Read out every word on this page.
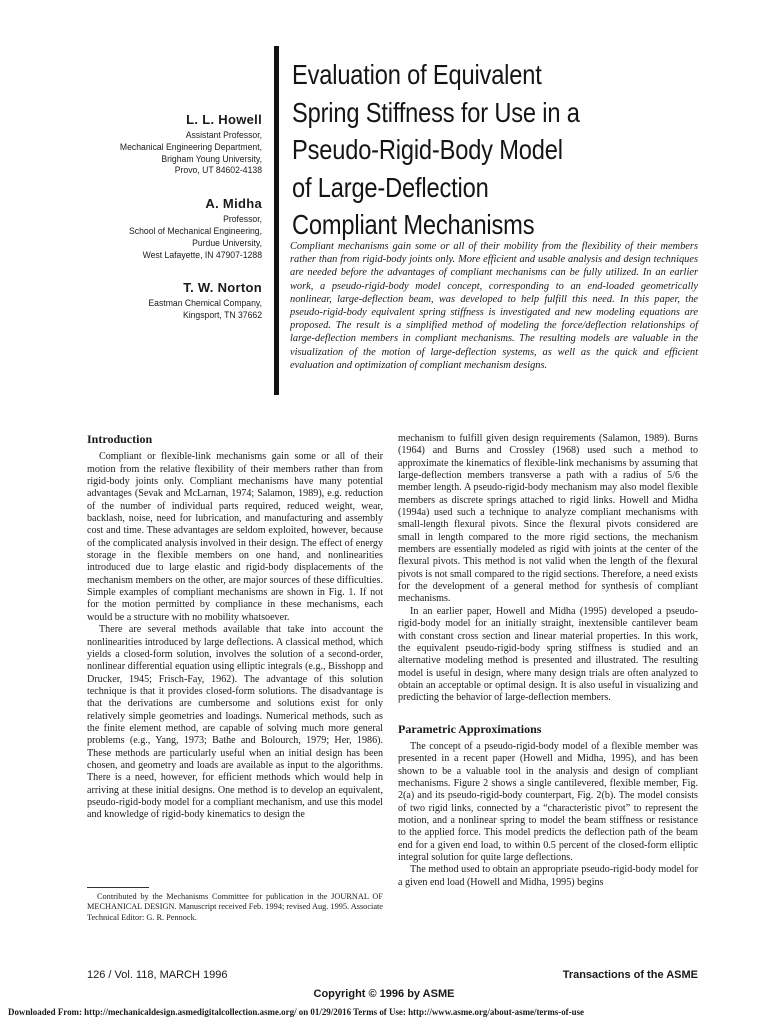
L. L. Howell
Assistant Professor,
Mechanical Engineering Department,
Brigham Young University,
Provo, UT 84602-4138
A. Midha
Professor,
School of Mechanical Engineering,
Purdue University,
West Lafayette, IN 47907-1288
T. W. Norton
Eastman Chemical Company,
Kingsport, TN 37662
Evaluation of Equivalent
Spring Stiffness for Use in a
Pseudo-Rigid-Body Model
of Large-Deflection
Compliant Mechanisms
Compliant mechanisms gain some or all of their mobility from the flexibility of their members rather than from rigid-body joints only. More efficient and usable analysis and design techniques are needed before the advantages of compliant mechanisms can be fully utilized. In an earlier work, a pseudo-rigid-body model concept, corresponding to an end-loaded geometrically nonlinear, large-deflection beam, was developed to help fulfill this need. In this paper, the pseudo-rigid-body equivalent spring stiffness is investigated and new modeling equations are proposed. The result is a simplified method of modeling the force/deflection relationships of large-deflection members in compliant mechanisms. The resulting models are valuable in the visualization of the motion of large-deflection systems, as well as the quick and efficient evaluation and optimization of compliant mechanism designs.
Introduction

Compliant or flexible-link mechanisms gain some or all of their motion from the relative flexibility of their members rather than from rigid-body joints only. Compliant mechanisms have many potential advantages (Sevak and McLarnan, 1974; Salamon, 1989), e.g. reduction of the number of individual parts required, reduced weight, wear, backlash, noise, need for lubrication, and manufacturing and assembly cost and time. These advantages are seldom exploited, however, because of the complicated analysis involved in their design. The effect of energy storage in the flexible members on one hand, and nonlinearities introduced due to large elastic and rigid-body displacements of the mechanism members on the other, are major sources of these difficulties. Simple examples of compliant mechanisms are shown in Fig. 1. If not for the motion permitted by compliance in these mechanisms, each would be a structure with no mobility whatsoever.

There are several methods available that take into account the nonlinearities introduced by large deflections. A classical method, which yields a closed-form solution, involves the solution of a second-order, nonlinear differential equation using elliptic integrals (e.g., Bisshopp and Drucker, 1945; Frisch-Fay, 1962). The advantage of this solution technique is that it provides closed-form solutions. The disadvantage is that the derivations are cumbersome and solutions exist for only relatively simple geometries and loadings. Numerical methods, such as the finite element method, are capable of solving much more general problems (e.g., Yang, 1973; Bathe and Bolourch, 1979; Her, 1986). These methods are particularly useful when an initial design has been chosen, and geometry and loads are available as input to the algorithms. There is a need, however, for efficient methods which would help in arriving at these initial designs. One method is to develop an equivalent, pseudo-rigid-body model for a compliant mechanism, and use this model and knowledge of rigid-body kinematics to design the

mechanism to fulfill given design requirements (Salamon, 1989). Burns (1964) and Burns and Crossley (1968) used such a method to approximate the kinematics of flexible-link mechanisms by assuming that large-deflection members transverse a path with a radius of 5/6 the member length. A pseudo-rigid-body mechanism may also model flexible members as discrete springs attached to rigid links. Howell and Midha (1994a) used such a technique to analyze compliant mechanisms with small-length flexural pivots. Since the flexural pivots considered are small in length compared to the more rigid sections, the mechanism members are essentially modeled as rigid with joints at the center of the flexural pivots. This method is not valid when the length of the flexural pivots is not small compared to the rigid sections. Therefore, a need exists for the development of a general method for synthesis of compliant mechanisms.

In an earlier paper, Howell and Midha (1995) developed a pseudo-rigid-body model for an initially straight, inextensible cantilever beam with constant cross section and linear material properties. In this work, the equivalent pseudo-rigid-body spring stiffness is studied and an alternative modeling method is presented and illustrated. The resulting model is useful in design, where many design trials are often analyzed to obtain an acceptable or optimal design. It is also useful in visualizing and predicting the behavior of large-deflection members.

Parametric Approximations

The concept of a pseudo-rigid-body model of a flexible member was presented in a recent paper (Howell and Midha, 1995), and has been shown to be a valuable tool in the analysis and design of compliant mechanisms. Figure 2 shows a single cantilevered, flexible member, Fig. 2(a) and its pseudo-rigid-body counterpart, Fig. 2(b). The model consists of two rigid links, connected by a “characteristic pivot” to represent the motion, and a nonlinear spring to model the beam stiffness or resistance to the applied force. This model predicts the deflection path of the beam end for a given end load, to within 0.5 percent of the closed-form elliptic integral solution for quite large deflections.

The method used to obtain an appropriate pseudo-rigid-body model for a given end load (Howell and Midha, 1995) begins

Contributed by the Mechanisms Committee for publication in the JOURNAL OF MECHANICAL DESIGN. Manuscript received Feb. 1994; revised Aug. 1995. Associate Technical Editor: G. R. Pennock.
126 / Vol. 118, MARCH 1996	Transactions of the ASME
Copyright © 1996 by ASME
Downloaded From: http://mechanicaldesign.asmedigitalcollection.asme.org/ on 01/29/2016 Terms of Use: http://www.asme.org/about-asme/terms-of-use
